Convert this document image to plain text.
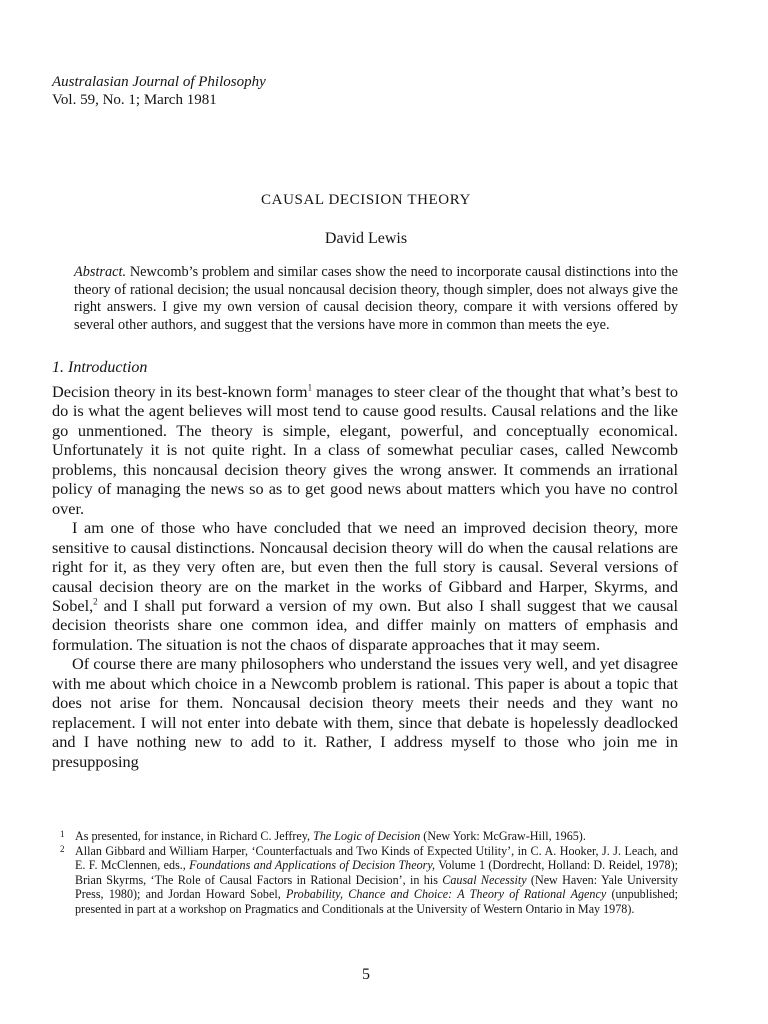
Australasian Journal of Philosophy
Vol. 59, No. 1; March 1981
CAUSAL DECISION THEORY
David Lewis
Abstract. Newcomb’s problem and similar cases show the need to incorporate causal distinctions into the theory of rational decision; the usual noncausal decision theory, though simpler, does not always give the right answers. I give my own version of causal decision theory, compare it with versions offered by several other authors, and suggest that the versions have more in common than meets the eye.
1. Introduction

Decision theory in its best-known form$^1$ manages to steer clear of the thought that what’s best to do is what the agent believes will most tend to cause good results. Causal relations and the like go unmentioned. The theory is simple, elegant, powerful, and conceptually economical. Unfortunately it is not quite right. In a class of somewhat peculiar cases, called Newcomb problems, this noncausal decision theory gives the wrong answer. It commends an irrational policy of managing the news so as to get good news about matters which you have no control over.

I am one of those who have concluded that we need an improved decision theory, more sensitive to causal distinctions. Noncausal decision theory will do when the causal relations are right for it, as they very often are, but even then the full story is causal. Several versions of causal decision theory are on the market in the works of Gibbard and Harper, Skyrms, and Sobel,$^2$ and I shall put forward a version of my own. But also I shall suggest that we causal decision theorists share one common idea, and differ mainly on matters of emphasis and formulation. The situation is not the chaos of disparate approaches that it may seem.

Of course there are many philosophers who understand the issues very well, and yet disagree with me about which choice in a Newcomb problem is rational. This paper is about a topic that does not arise for them. Noncausal decision theory meets their needs and they want no replacement. I will not enter into debate with them, since that debate is hopelessly deadlocked and I have nothing new to add to it. Rather, I address myself to those who join me in presupposing

1 As presented, for instance, in Richard C. Jeffrey, The Logic of Decision (New York: McGraw-Hill, 1965).
2 Allan Gibbard and William Harper, ‘Counterfactuals and Two Kinds of Expected Utility’, in C. A. Hooker, J. J. Leach, and E. F. McClennen, eds., Foundations and Applications of Decision Theory, Volume 1 (Dordrecht, Holland: D. Reidel, 1978); Brian Skyrms, ‘The Role of Causal Factors in Rational Decision’, in his Causal Necessity (New Haven: Yale University Press, 1980); and Jordan Howard Sobel, Probability, Chance and Choice: A Theory of Rational Agency (unpublished; presented in part at a workshop on Pragmatics and Conditionals at the University of Western Ontario in May 1978).
5
